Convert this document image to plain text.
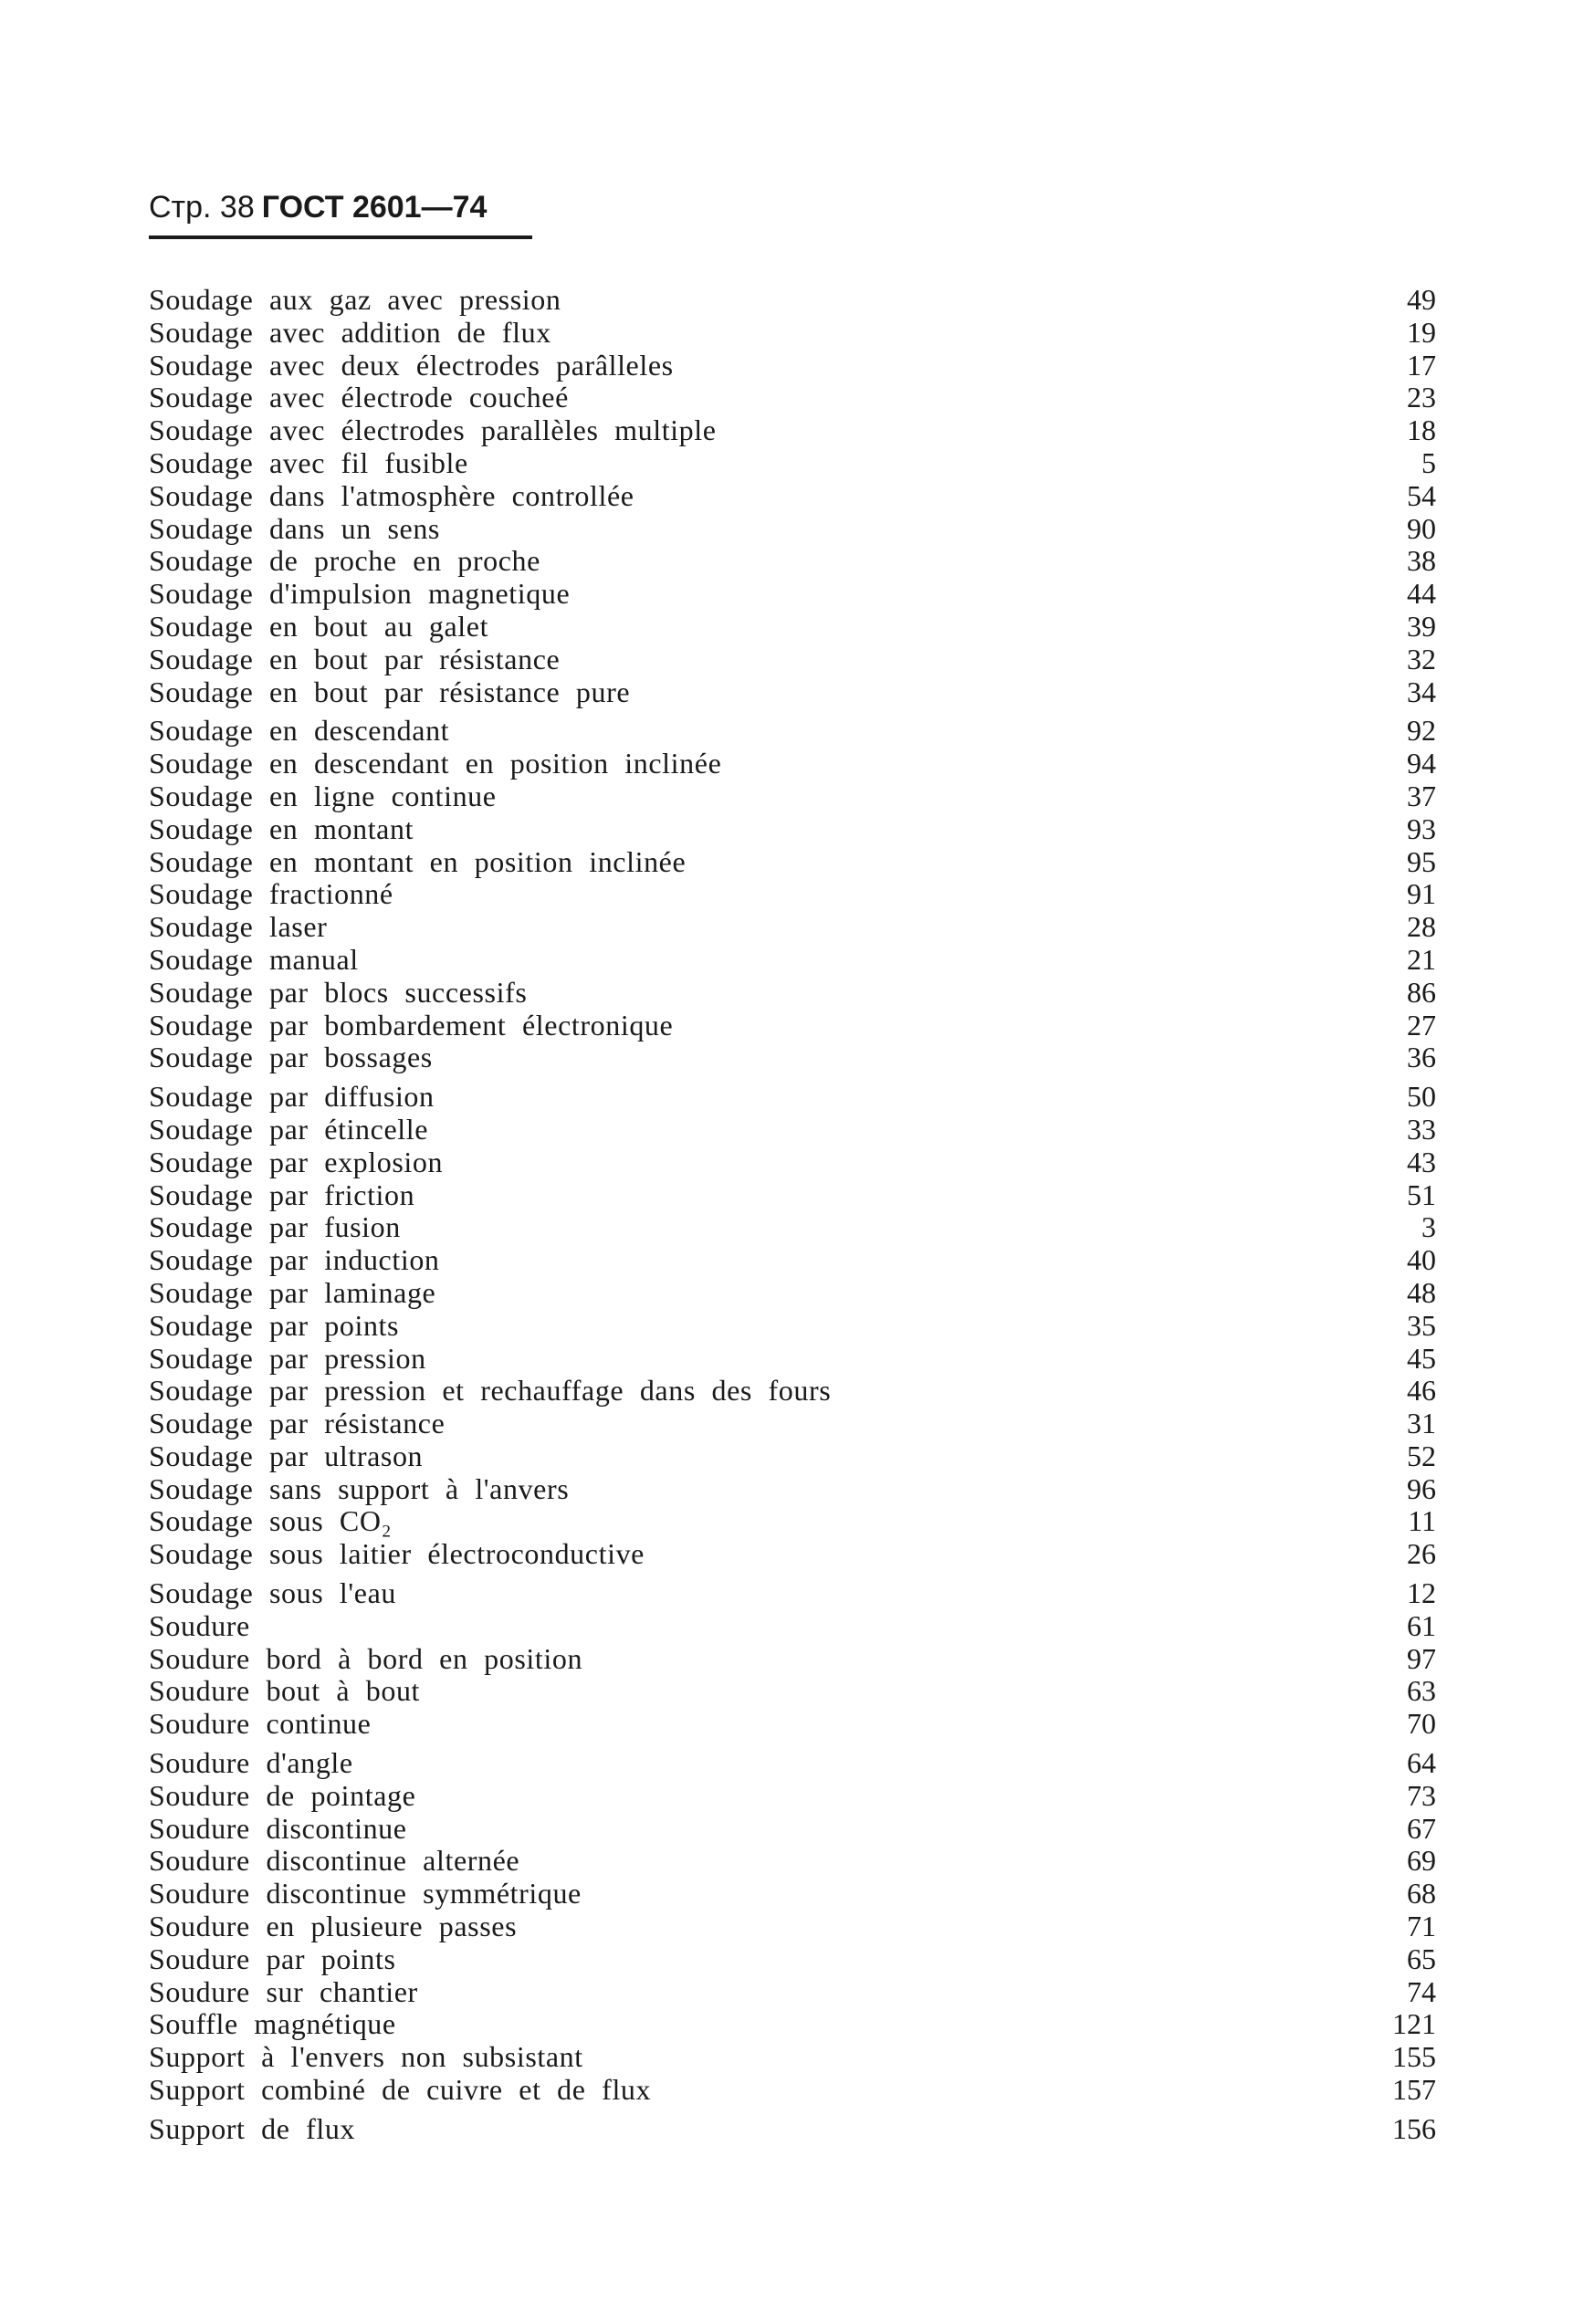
Стр. 38 ГОСТ 2601—74
Soudage aux gaz avec pression	49
Soudage avec addition de flux	19
Soudage avec deux électrodes parâlleles	17
Soudage avec électrode coucheé	23
Soudage avec électrodes parallèles multiple	18
Soudage avec fil fusible	5
Soudage dans l'atmosphère controllée	54
Soudage dans un sens	90
Soudage de proche en proche	38
Soudage d'impulsion magnetique	44
Soudage en bout au galet	39
Soudage en bout par résistance	32
Soudage en bout par résistance pure	34
Soudage en descendant	92
Soudage en descendant en position inclinée	94
Soudage en ligne continue	37
Soudage en montant	93
Soudage en montant en position inclinée	95
Soudage fractionné	91
Soudage laser	28
Soudage manual	21
Soudage par blocs successifs	86
Soudage par bombardement électronique	27
Soudage par bossages	36
Soudage par diffusion	50
Soudage par étincelle	33
Soudage par explosion	43
Soudage par friction	51
Soudage par fusion	3
Soudage par induction	40
Soudage par laminage	48
Soudage par points	35
Soudage par pression	45
Soudage par pression et rechauffage dans des fours	46
Soudage par résistance	31
Soudage par ultrason	52
Soudage sans support à l'anvers	96
Soudage sous CO₂	11
Soudage sous laitier électroconductive	26
Soudage sous l'eau	12
Soudure	61
Soudure bord à bord en position	97
Soudure bout à bout	63
Soudure continue	70
Soudure d'angle	64
Soudure de pointage	73
Soudure discontinue	67
Soudure discontinue alternée	69
Soudure discontinue symmétrique	68
Soudure en plusieure passes	71
Soudure par points	65
Soudure sur chantier	74
Souffle magnétique	121
Support à l'envers non subsistant	155
Support combiné de cuivre et de flux	157
Support de flux	156
